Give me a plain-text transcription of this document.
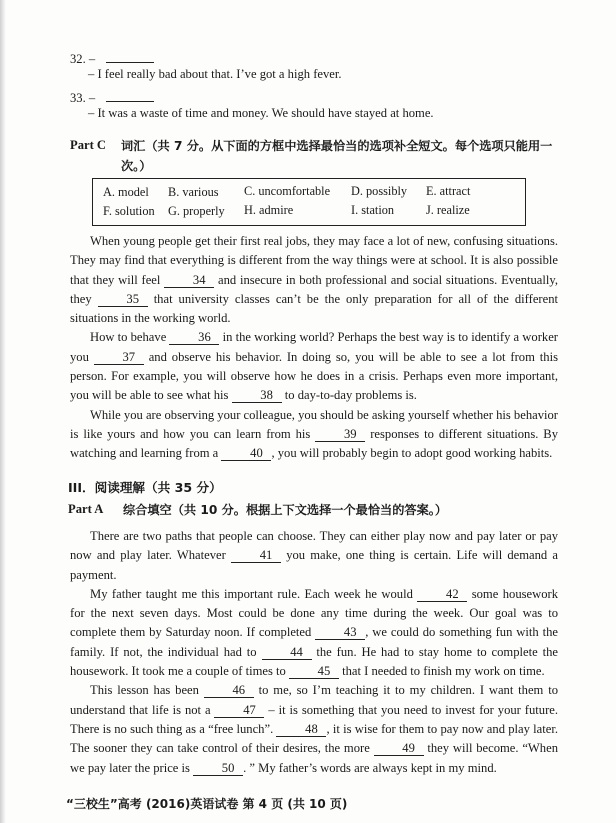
32. –
– I feel really bad about that. I’ve got a high fever.
33. –
– It was a waste of time and money. We should have stayed at home.
Part C 词汇（共 7 分。从下面的方框中选择最恰当的选项补全短文。每个选项只能用一
次。）
A. model B. various C. uncomfortable D. possibly E. attract
F. solution G. properly H. admire	I. station	J. realize

When young people get their first real jobs, they may face a lot of new, confusing situations. They may find that everything is different from the way things were at school. It is also possible that they will feel	34 and insecure in both professional and social situations. Eventually, they	35 that university classes can’t be the only preparation for all of the different situations in the working world.

How to behave	36 in the working world? Perhaps the best way is to identify a worker you	37 and observe his behavior. In doing so, you will be able to see a lot from this person. For example, you will observe how he does in a crisis. Perhaps even more important, you will be able to see what his	38 to day-to-day problems is.

While you are observing your colleague, you should be asking yourself whether his behavior is like yours and how you can learn from his	39 responses to different situations. By watching and learning from a	40 , you will probably begin to adopt good working habits.

III．阅读理解（共 35 分）
Part A 综合填空（共 10 分。根据上下文选择一个最恰当的答案。）

There are two paths that people can choose. They can either play now and pay later or pay now and play later. Whatever	41 you make, one thing is certain. Life will demand a payment.

My father taught me this important rule. Each week he would	42 some housework for the next seven days. Most could be done any time during the week. Our goal was to complete them by Saturday noon. If completed	43 , we could do something fun with the family. If not, the individual had to	44 the fun. He had to stay home to complete the housework. It took me a couple of times to	45 that I needed to finish my work on time.

This lesson has been	46 to me, so I’m teaching it to my children. I want them to understand that life is not a	47 – it is something that you need to invest for your future. There is no such thing as a “free lunch”.	48 , it is wise for them to pay now and play later. The sooner they can take control of their desires, the more	49 they will become. “When we pay later the price is	50 . ” My father’s words are always kept in my mind.

“三校生”高考 (2016)英语试卷 第 4 页 (共 10 页)
